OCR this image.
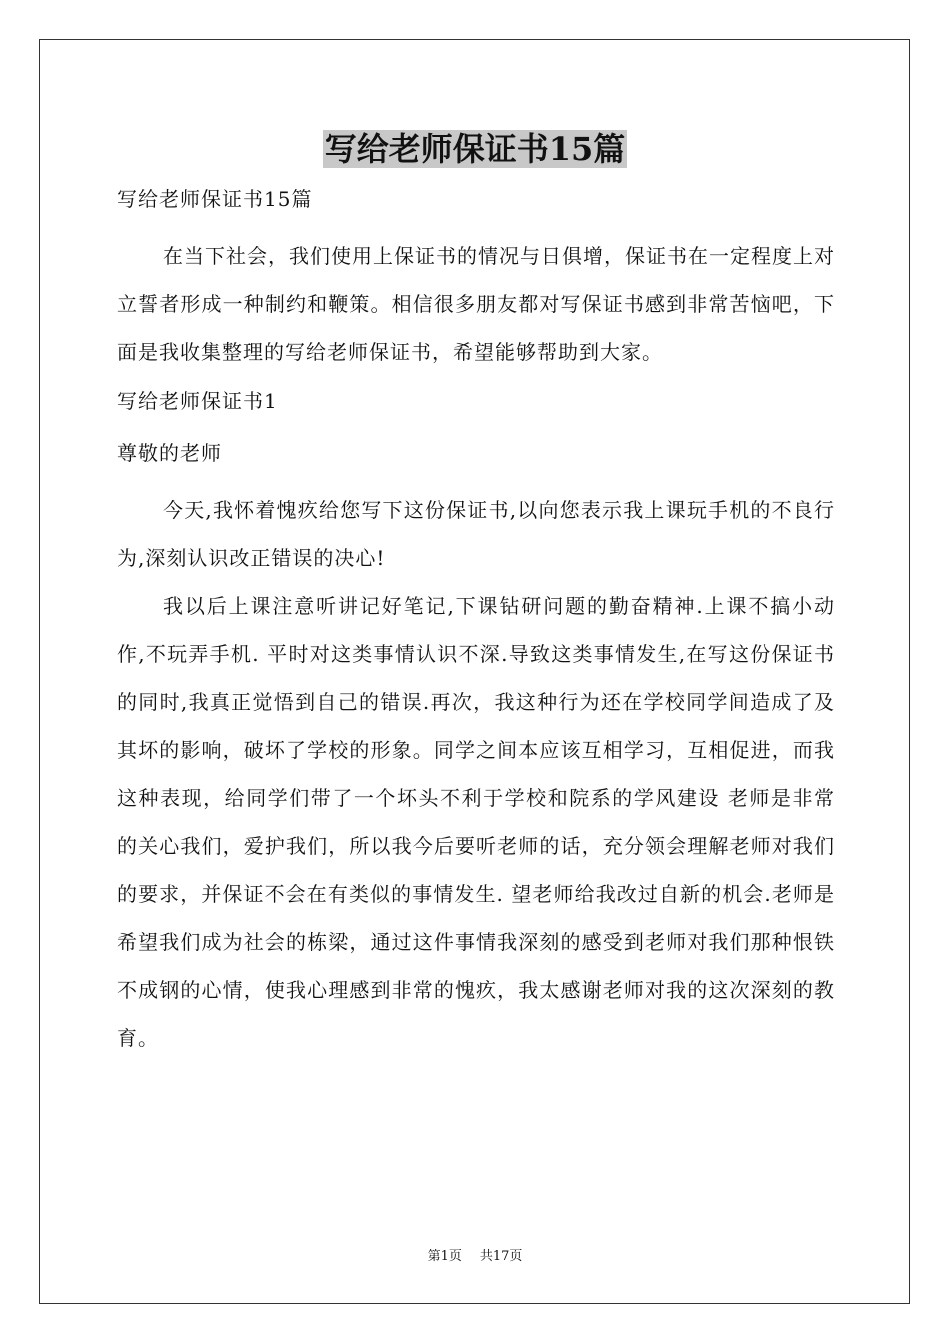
写给老师保证书15篇

写给老师保证书15篇

在当下社会，我们使用上保证书的情况与日俱增，保证书在一定程度上对立誓者形成一种制约和鞭策。相信很多朋友都对写保证书感到非常苦恼吧，下面是我收集整理的写给老师保证书，希望能够帮助到大家。

写给老师保证书1

尊敬的老师

今天,我怀着愧疚给您写下这份保证书,以向您表示我上课玩手机的不良行为,深刻认识改正错误的决心!

我以后上课注意听讲记好笔记,下课钻研问题的勤奋精神.上课不搞小动作,不玩弄手机. 平时对这类事情认识不深.导致这类事情发生,在写这份保证书的同时,我真正觉悟到自己的错误.再次，我这种行为还在学校同学间造成了及其坏的影响，破坏了学校的形象。同学之间本应该互相学习，互相促进，而我这种表现，给同学们带了一个坏头不利于学校和院系的学风建设 老师是非常的关心我们，爱护我们，所以我今后要听老师的话，充分领会理解老师对我们的要求，并保证不会在有类似的事情发生. 望老师给我改过自新的机会.老师是希望我们成为社会的栋梁，通过这件事情我深刻的感受到老师对我们那种恨铁不成钢的心情，使我心理感到非常的愧疚，我太感谢老师对我的这次深刻的教育。

第1页 共17页
